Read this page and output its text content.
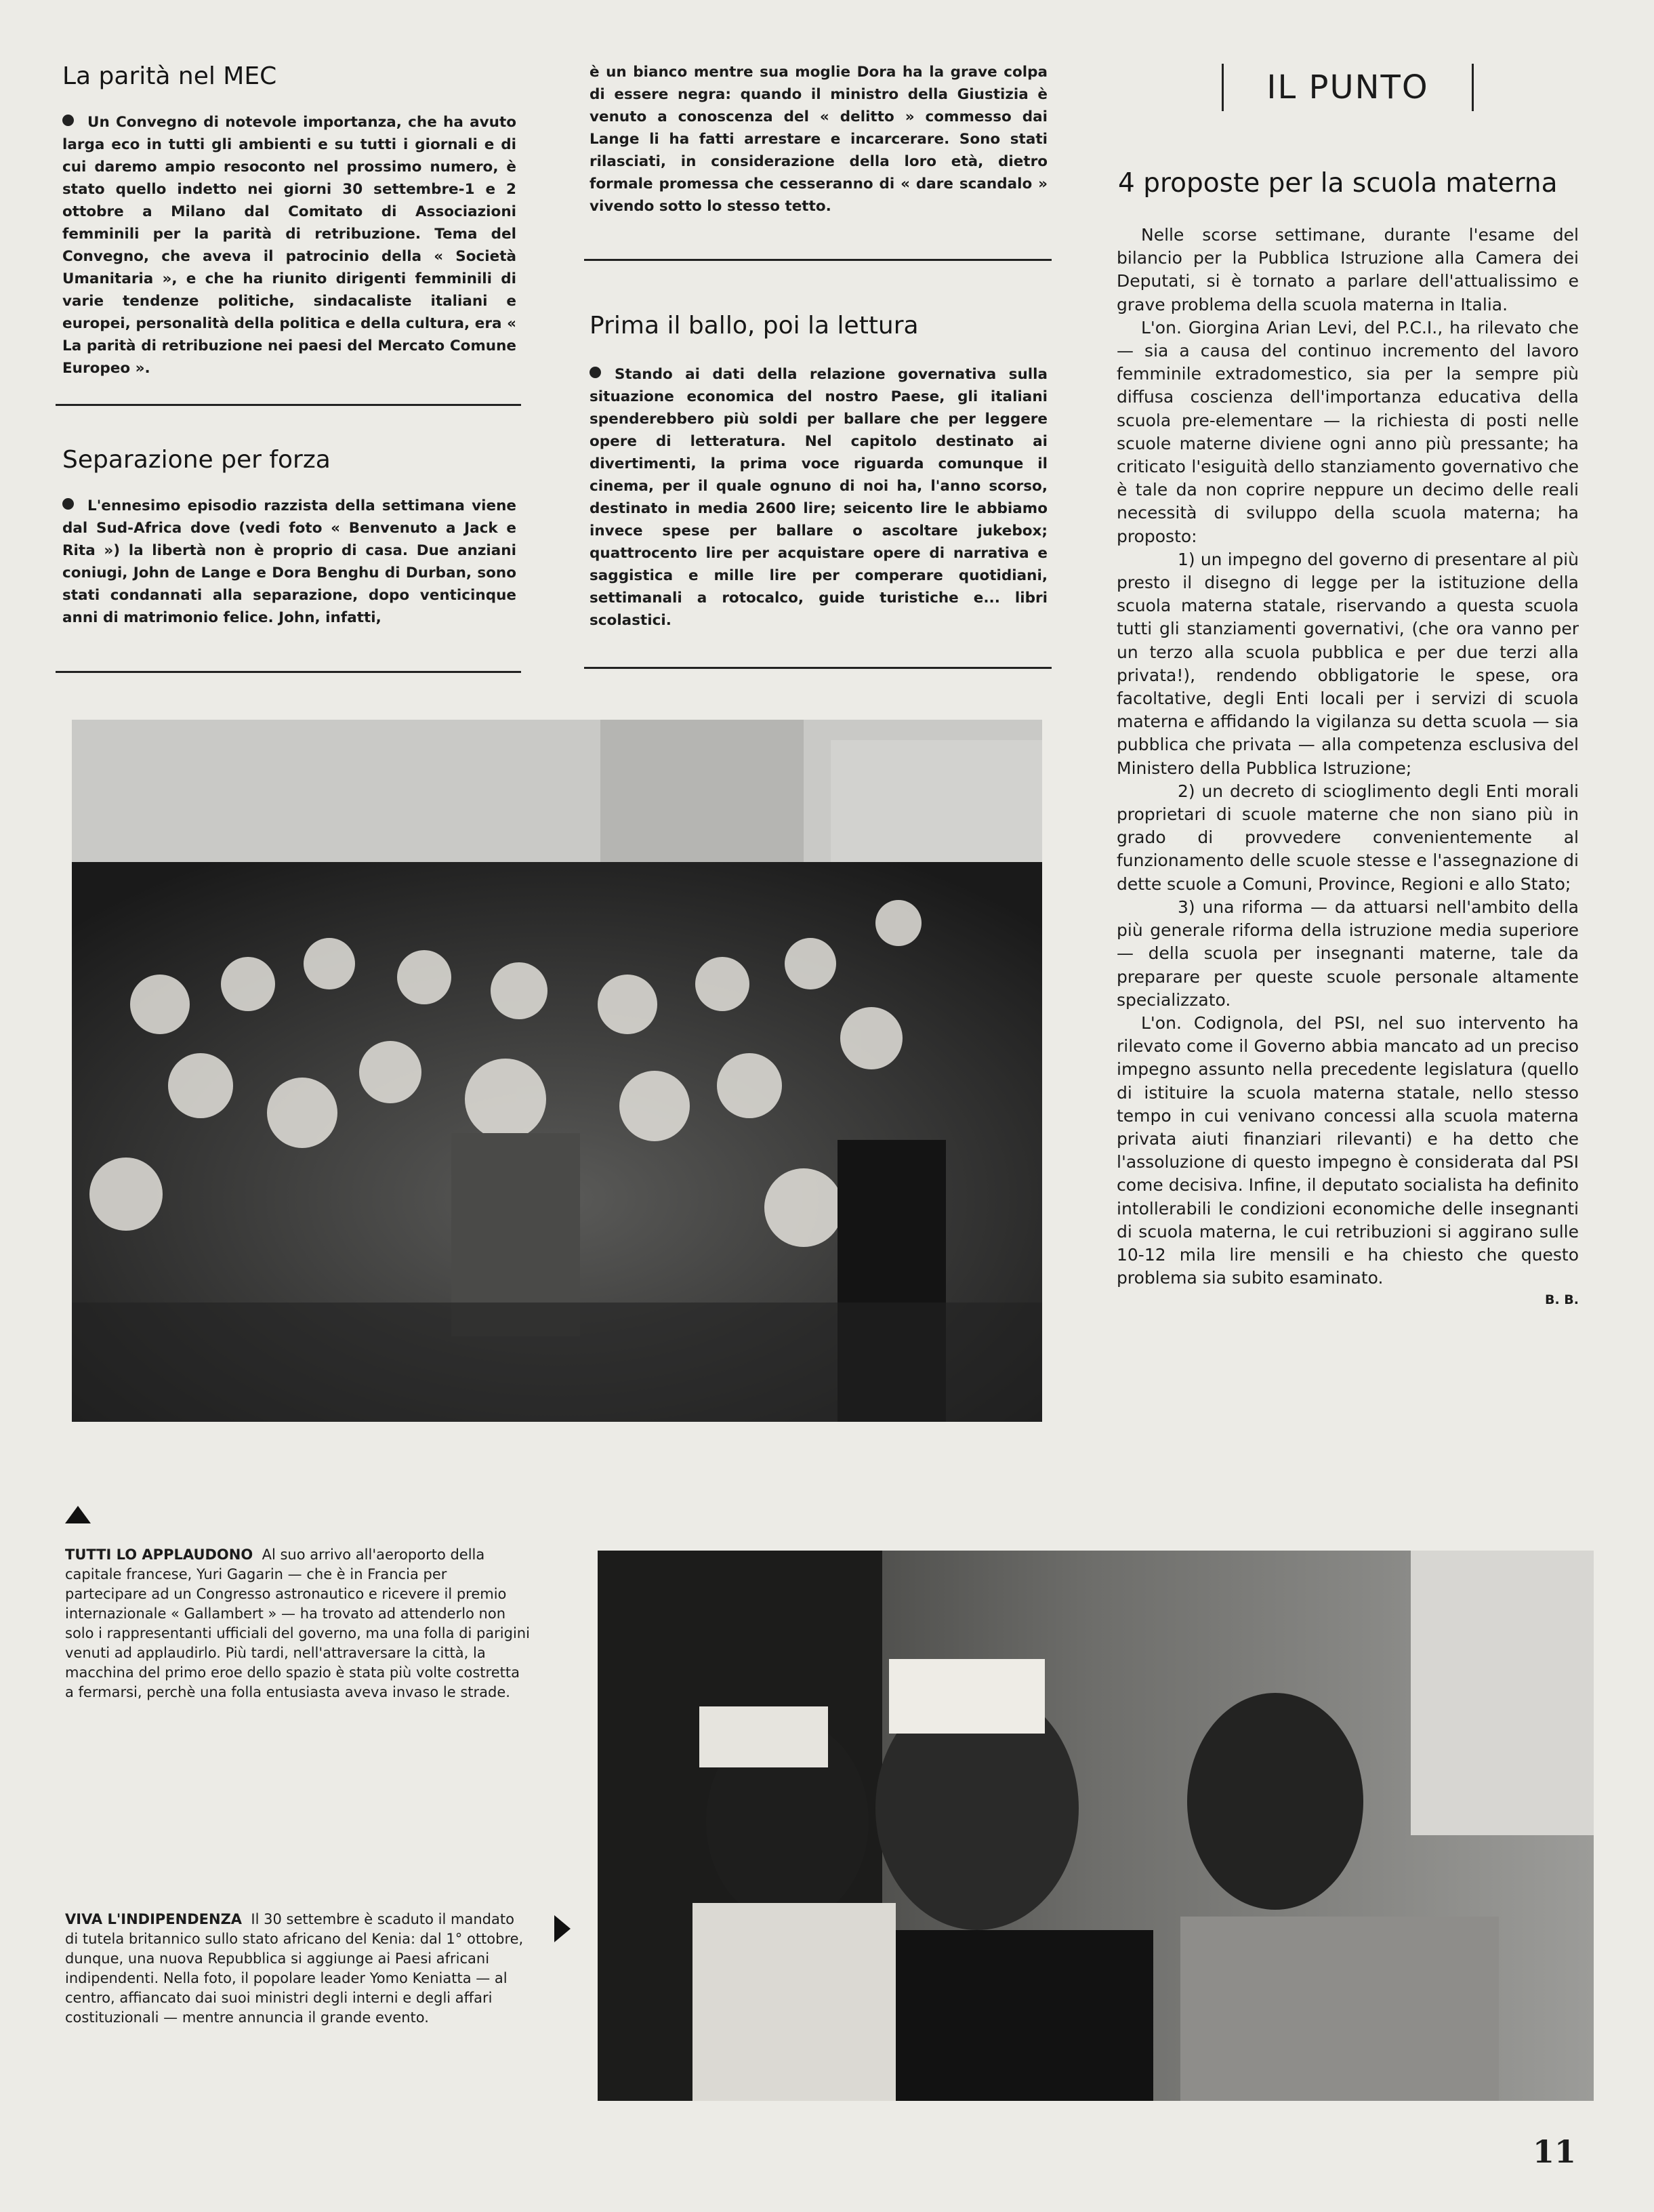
La parità nel MEC

Un Convegno di notevole importanza, che ha avuto larga eco in tutti gli ambienti e su tutti i giornali e di cui daremo ampio resoconto nel prossimo numero, è stato quello indetto nei giorni 30 settembre-1 e 2 ottobre a Milano dal Comitato di Associazioni femminili per la parità di retribuzione. Tema del Convegno, che aveva il patrocinio della « Società Umanitaria », e che ha riunito dirigenti femminili di varie tendenze politiche, sindacaliste italiani e europei, personalità della politica e della cultura, era « La parità di retribuzione nei paesi del Mercato Comune Europeo ».

Separazione per forza

L'ennesimo episodio razzista della settimana viene dal Sud-Africa dove (vedi foto « Benvenuto a Jack e Rita ») la libertà non è proprio di casa. Due anziani coniugi, John de Lange e Dora Benghu di Durban, sono stati condannati alla separazione, dopo venticinque anni di matrimonio felice. John, infatti,

è un bianco mentre sua moglie Dora ha la grave colpa di essere negra: quando il ministro della Giustizia è venuto a conoscenza del « delitto » commesso dai Lange li ha fatti arrestare e incarcerare. Sono stati rilasciati, in considerazione della loro età, dietro formale promessa che cesseranno di « dare scandalo » vivendo sotto lo stesso tetto.

Prima il ballo, poi la lettura

Stando ai dati della relazione governativa sulla situazione economica del nostro Paese, gli italiani spenderebbero più soldi per ballare che per leggere opere di letteratura. Nel capitolo destinato ai divertimenti, la prima voce riguarda comunque il cinema, per il quale ognuno di noi ha, l'anno scorso, destinato in media 2600 lire; seicento lire le abbiamo invece spese per ballare o ascoltare jukebox; quattrocento lire per acquistare opere di narrativa e saggistica e mille lire per comperare quotidiani, settimanali a rotocalco, guide turistiche e... libri scolastici.

IL PUNTO
4 proposte per la scuola materna

Nelle scorse settimane, durante l'esame del bilancio per la Pubblica Istruzione alla Camera dei Deputati, si è tornato a parlare dell'attualissimo e grave problema della scuola materna in Italia.

L'on. Giorgina Arian Levi, del P.C.I., ha rilevato che — sia a causa del continuo incremento del lavoro femminile extradomestico, sia per la sempre più diffusa coscienza dell'importanza educativa della scuola pre-elementare — la richiesta di posti nelle scuole materne diviene ogni anno più pressante; ha criticato l'esiguità dello stanziamento governativo che è tale da non coprire neppure un decimo delle reali necessità di sviluppo della scuola materna; ha proposto:

1) un impegno del governo di presentare al più presto il disegno di legge per la istituzione della scuola materna statale, riservando a questa scuola tutti gli stanziamenti governativi, (che ora vanno per un terzo alla scuola pubblica e per due terzi alla privata!), rendendo obbligatorie le spese, ora facoltative, degli Enti locali per i servizi di scuola materna e affidando la vigilanza su detta scuola — sia pubblica che privata — alla competenza esclusiva del Ministero della Pubblica Istruzione;

2) un decreto di scioglimento degli Enti morali proprietari di scuole materne che non siano più in grado di provvedere convenientemente al funzionamento delle scuole stesse e l'assegnazione di dette scuole a Comuni, Province, Regioni e allo Stato;

3) una riforma — da attuarsi nell'ambito della più generale riforma della istruzione media superiore — della scuola per insegnanti materne, tale da preparare per queste scuole personale altamente specializzato.

L'on. Codignola, del PSI, nel suo intervento ha rilevato come il Governo abbia mancato ad un preciso impegno assunto nella precedente legislatura (quello di istituire la scuola materna statale, nello stesso tempo in cui venivano concessi alla scuola materna privata aiuti finanziari rilevanti) e ha detto che l'assoluzione di questo impegno è considerata dal PSI come decisiva. Infine, il deputato socialista ha definito intollerabili le condizioni economiche delle insegnanti di scuola materna, le cui retribuzioni si aggirano sulle 10-12 mila lire mensili e ha chiesto che questo problema sia subito esaminato.

B. B.

TUTTI LO APPLAUDONO Al suo arrivo all'aeroporto della capitale francese, Yuri Gagarin — che è in Francia per partecipare ad un Congresso astronautico e ricevere il premio internazionale « Gallambert » — ha trovato ad attenderlo non solo i rappresentanti ufficiali del governo, ma una folla di parigini venuti ad applaudirlo. Più tardi, nell'attraversare la città, la macchina del primo eroe dello spazio è stata più volte costretta a fermarsi, perchè una folla entusiasta aveva invaso le strade.

VIVA L'INDIPENDENZA Il 30 settembre è scaduto il mandato di tutela britannico sullo stato africano del Kenia: dal 1° ottobre, dunque, una nuova Repubblica si aggiunge ai Paesi africani indipendenti. Nella foto, il popolare leader Yomo Keniatta — al centro, affiancato dai suoi ministri degli interni e degli affari costituzionali — mentre annuncia il grande evento.

11
